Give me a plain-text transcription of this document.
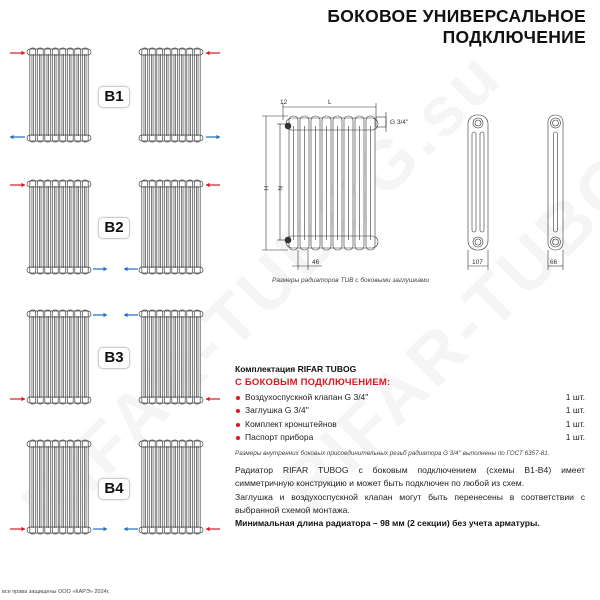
БОКОВОЕ УНИВЕРСАЛЬНОЕ
ПОДКЛЮЧЕНИЕ
B1
B2
B3
B4
G 3/4''
12	L
H N
46	107	66
Размеры радиаторов TUB с боковыми заглушками
Комплектация RIFAR TUBOG
С БОКОВЫМ ПОДКЛЮЧЕНИЕМ:
Воздухоспускной клапан G 3/4''	1 шт.
Заглушка G 3/4''	1 шт.
Комплект кронштейнов	1 шт.
Паспорт прибора	1 шт.
Размеры внутренних боковых присоединительных резьб радиатора G 3/4'' выполнены по ГОСТ 6357-81.

Радиатор RIFAR TUBOG с боковым подключением (схемы B1-B4) имеет симметричную конструкцию и может быть подключен по любой из схем.

Заглушка и воздухоспускной клапан могут быть перенесены в соответствии с выбранной схемой монтажа.

Минимальная длина радиатора – 98 мм (2 секции) без учета арматуры.

все права защищены ООО «КАРЭ» 2024г.
